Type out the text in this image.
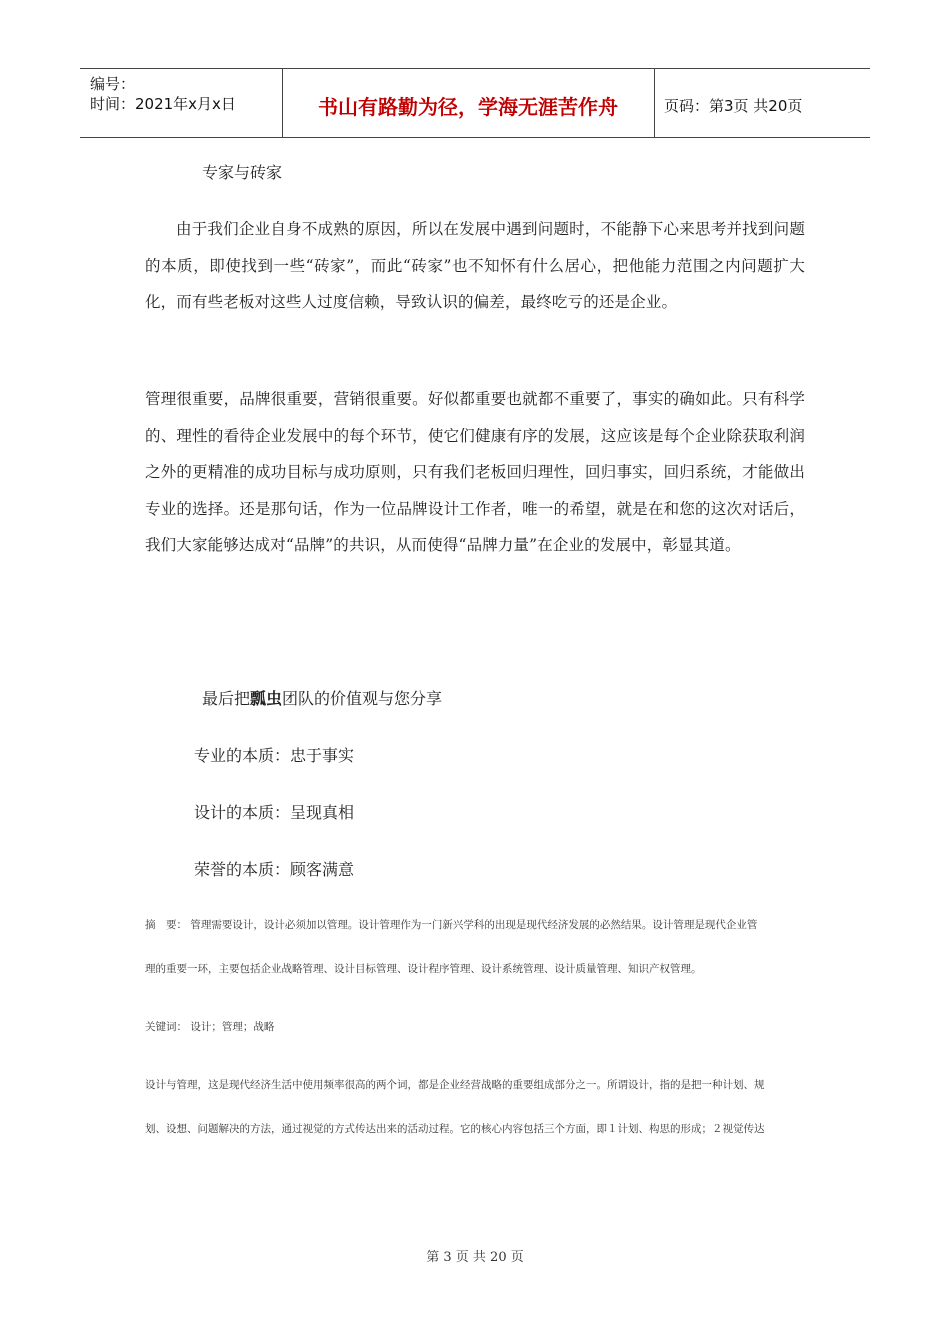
编号：
时间：2021年x月x日	书山有路勤为径，学海无涯苦作舟	页码：第3页 共20页
专家与砖家
由于我们企业自身不成熟的原因，所以在发展中遇到问题时，不能静下心来思考并找到问题的本质，即使找到一些“砖家”，而此“砖家”也不知怀有什么居心，把他能力范围之内问题扩大化，而有些老板对这些人过度信赖，导致认识的偏差，最终吃亏的还是企业。
管理很重要，品牌很重要，营销很重要。好似都重要也就都不重要了，事实的确如此。只有科学的、理性的看待企业发展中的每个环节，使它们健康有序的发展，这应该是每个企业除获取利润之外的更精准的成功目标与成功原则，只有我们老板回归理性，回归事实，回归系统，才能做出专业的选择。还是那句话，作为一位品牌设计工作者，唯一的希望，就是在和您的这次对话后，我们大家能够达成对“品牌”的共识，从而使得“品牌力量”在企业的发展中，彰显其道。
最后把瓢虫团队的价值观与您分享
专业的本质：忠于事实
设计的本质：呈现真相
荣誉的本质：顾客满意
摘　要： 管理需要设计，设计必须加以管理。设计管理作为一门新兴学科的出现是现代经济发展的必然结果。设计管理是现代企业管
理的重要一环，主要包括企业战略管理、设计目标管理、设计程序管理、设计系统管理、设计质量管理、知识产权管理。
关键词： 设计；管理；战略
设计与管理，这是现代经济生活中使用频率很高的两个词，都是企业经营战略的重要组成部分之一。所谓设计，指的是把一种计划、规
划、设想、问题解决的方法，通过视觉的方式传达出来的活动过程。它的核心内容包括三个方面，即１计划、构思的形成；２视觉传达
第 3 页 共 20 页
